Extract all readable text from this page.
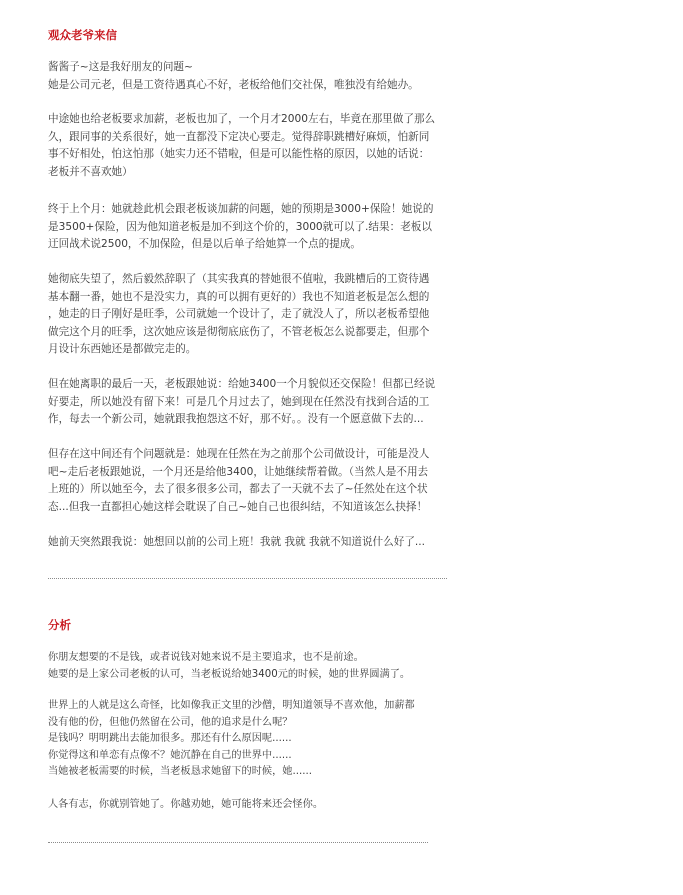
观众老爷来信

酱酱子~这是我好朋友的问题~

她是公司元老，但是工资待遇真心不好，老板给他们交社保，唯独没有给她办。

中途她也给老板要求加薪，老板也加了，一个月才2000左右，毕竟在那里做了那么

久，跟同事的关系很好，她一直都没下定决心要走。觉得辞职跳槽好麻烦，怕新同

事不好相处，怕这怕那（她实力还不错啦，但是可以能性格的原因，以她的话说：

老板并不喜欢她）

终于上个月：她就趁此机会跟老板谈加薪的问题，她的预期是3000+保险！她说的

是3500+保险，因为他知道老板是加不到这个价的，3000就可以了.结果：老板以

迂回战术说2500，不加保险，但是以后单子给她算一个点的提成。

她彻底失望了，然后毅然辞职了（其实我真的替她很不值啦，我跳槽后的工资待遇

基本翻一番，她也不是没实力，真的可以拥有更好的）我也不知道老板是怎么想的

，她走的日子刚好是旺季，公司就她一个设计了，走了就没人了，所以老板希望他

做完这个月的旺季，这次她应该是彻彻底底伤了，不管老板怎么说都要走，但那个

月设计东西她还是都做完走的。

但在她离职的最后一天，老板跟她说：给她3400一个月貌似还交保险！但都已经说

好要走，所以她没有留下来！可是几个月过去了，她到现在任然没有找到合适的工

作，每去一个新公司，她就跟我抱怨这不好，那不好。。没有一个愿意做下去的...

但存在这中间还有个问题就是：她现在任然在为之前那个公司做设计，可能是没人

吧~走后老板跟她说，一个月还是给他3400，让她继续帮着做。（当然人是不用去

上班的）所以她至今，去了很多很多公司，都去了一天就不去了~任然处在这个状

态...但我一直都担心她这样会耽误了自己~她自己也很纠结，不知道该怎么抉择！

她前天突然跟我说：她想回以前的公司上班！我就 我就 我就不知道说什么好了...

分析

你朋友想要的不是钱，或者说钱对她来说不是主要追求，也不是前途。

她要的是上家公司老板的认可，当老板说给她3400元的时候，她的世界圆满了。

世界上的人就是这么奇怪，比如像我正文里的沙僧，明知道领导不喜欢他，加薪都

没有他的份，但他仍然留在公司，他的追求是什么呢？

是钱吗？明明跳出去能加很多。那还有什么原因呢......

你觉得这和单恋有点像不？她沉静在自己的世界中......

当她被老板需要的时候，当老板恳求她留下的时候，她......

人各有志，你就别管她了。你越劝她，她可能将来还会怪你。
